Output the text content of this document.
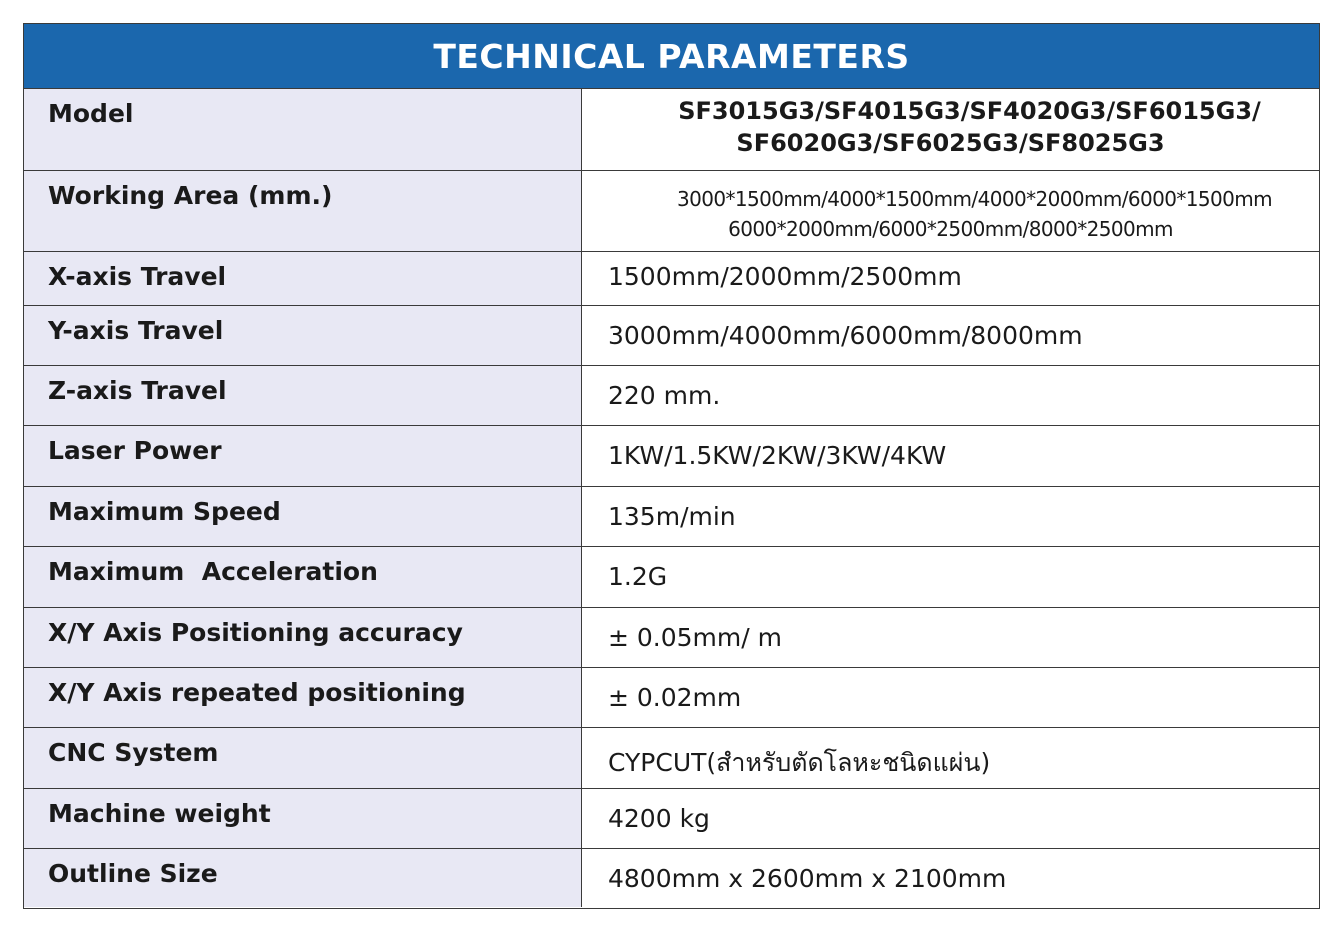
TECHNICAL PARAMETERS
Model	SF3015G3/SF4015G3/SF4020G3/SF6015G3/
SF6020G3/SF6025G3/SF8025G3
Working Area (mm.)	3000*1500mm/4000*1500mm/4000*2000mm/6000*1500mm
6000*2000mm/6000*2500mm/8000*2500mm
X-axis Travel	1500mm/2000mm/2500mm
Y-axis Travel	3000mm/4000mm/6000mm/8000mm
Z-axis Travel	220 mm.
Laser Power	1KW/1.5KW/2KW/3KW/4KW
Maximum Speed	135m/min
Maximum  Acceleration	1.2G
X/Y Axis Positioning accuracy	± 0.05mm/ m
X/Y Axis repeated positioning	± 0.02mm
CNC System	CYPCUT(สำหรับตัดโลหะชนิดแผ่น)
Machine weight	4200 kg
Outline Size	4800mm x 2600mm x 2100mm
